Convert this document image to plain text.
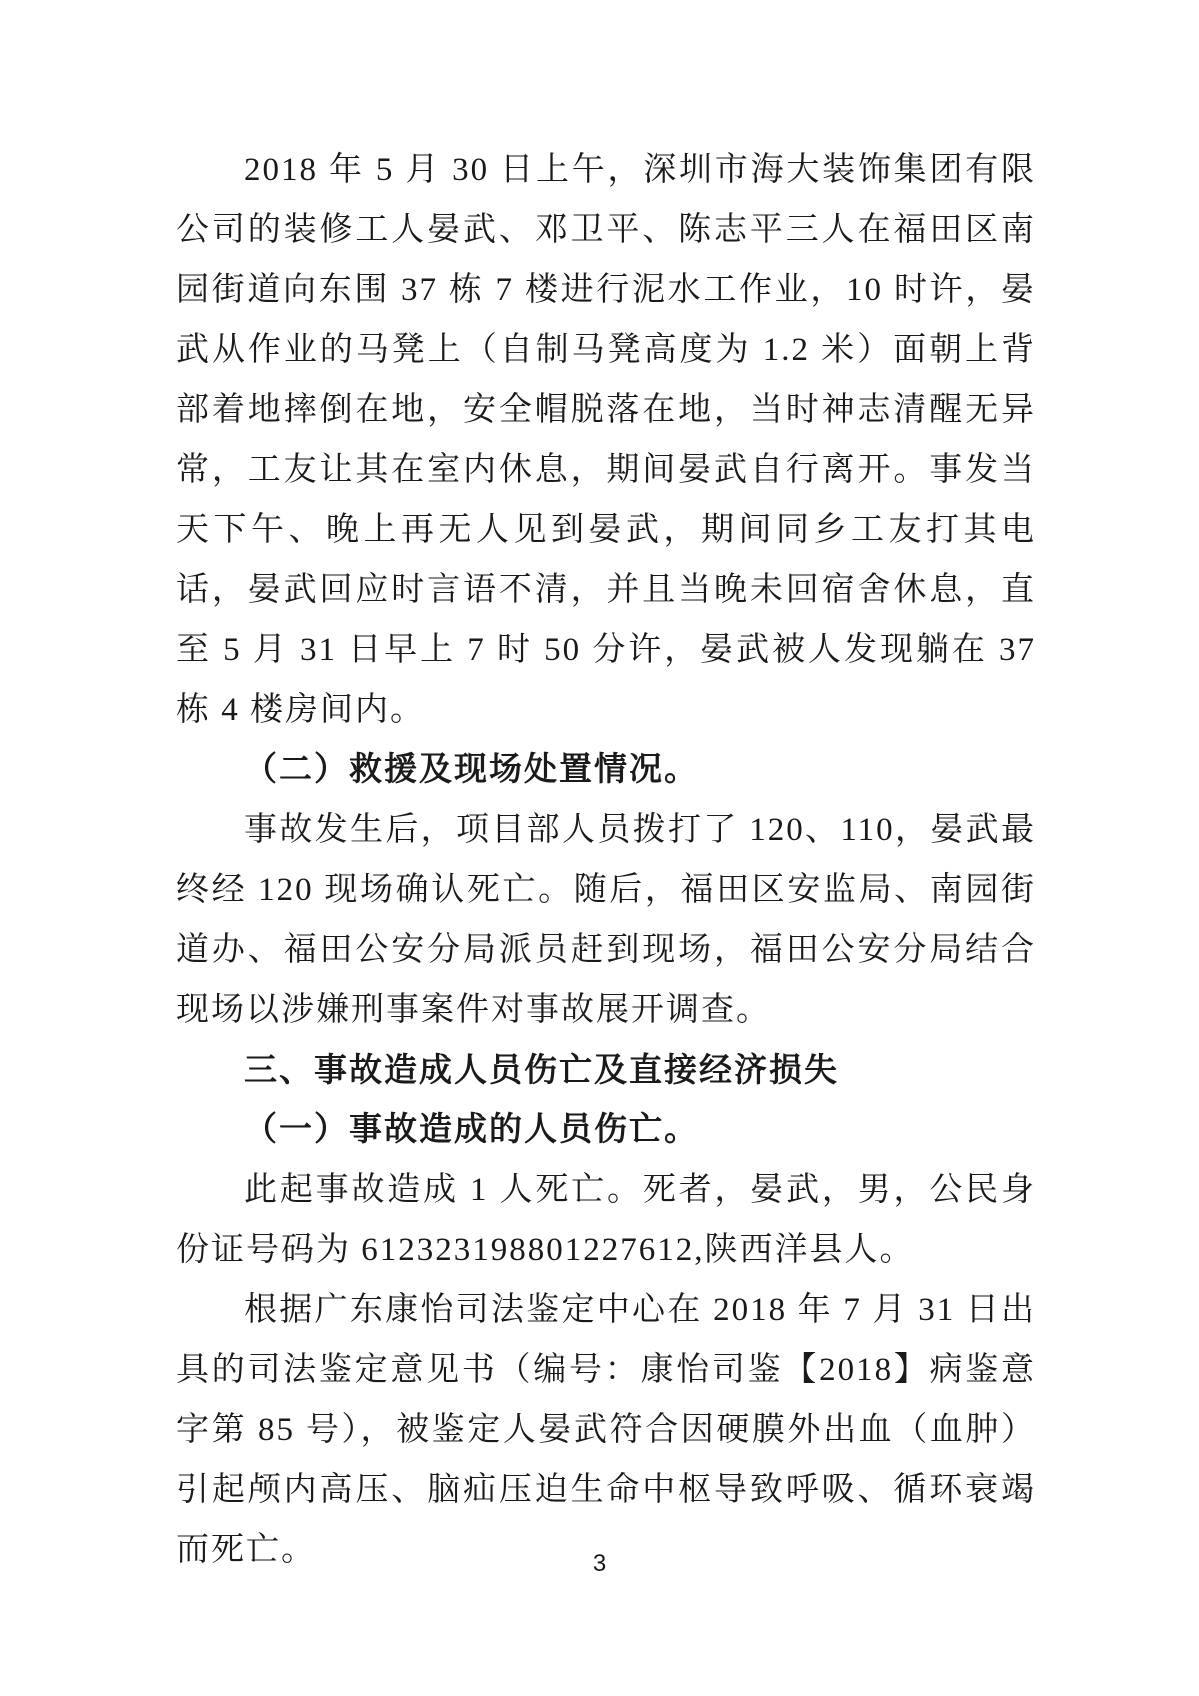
2018 年 5 月 30 日上午，深圳市海大装饰集团有限公司的装修工人晏武、邓卫平、陈志平三人在福田区南园街道向东围 37 栋 7 楼进行泥水工作业，10 时许，晏武从作业的马凳上（自制马凳高度为 1.2 米）面朝上背部着地摔倒在地，安全帽脱落在地，当时神志清醒无异常，工友让其在室内休息，期间晏武自行离开。事发当天下午、晚上再无人见到晏武，期间同乡工友打其电话，晏武回应时言语不清，并且当晚未回宿舍休息，直至 5 月 31 日早上 7 时 50 分许，晏武被人发现躺在 37 栋 4 楼房间内。

（二）救援及现场处置情况。

事故发生后，项目部人员拨打了 120、110，晏武最终经 120 现场确认死亡。随后，福田区安监局、南园街道办、福田公安分局派员赶到现场，福田公安分局结合现场以涉嫌刑事案件对事故展开调查。

三、事故造成人员伤亡及直接经济损失

（一）事故造成的人员伤亡。

此起事故造成 1 人死亡。死者，晏武，男，公民身份证号码为 612323198801227612,陕西洋县人。

根据广东康怡司法鉴定中心在 2018 年 7 月 31 日出具的司法鉴定意见书（编号：康怡司鉴【2018】病鉴意字第 85 号），被鉴定人晏武符合因硬膜外出血（血肿）引起颅内高压、脑疝压迫生命中枢导致呼吸、循环衰竭而死亡。	3
